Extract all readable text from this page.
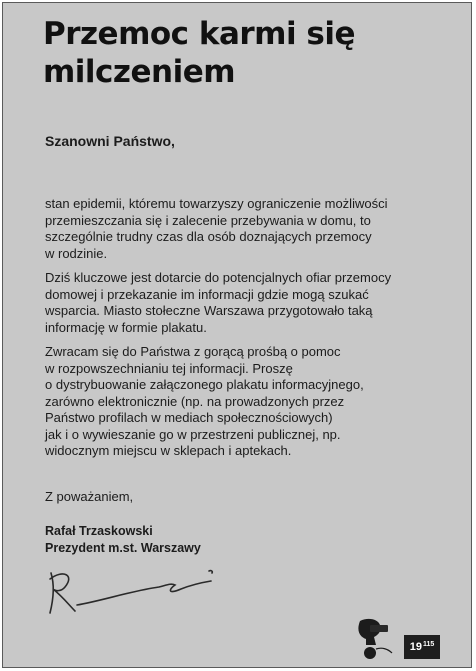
Przemoc karmi się
milczeniem

Szanowni Państwo,

stan epidemii, któremu towarzyszy ograniczenie możliwości
przemieszczania się i zalecenie przebywania w domu, to
szczególnie trudny czas dla osób doznających przemocy
w rodzinie.

Dziś kluczowe jest dotarcie do potencjalnych ofiar przemocy
domowej i przekazanie im informacji gdzie mogą szukać
wsparcia. Miasto stołeczne Warszawa przygotowało taką
informację w formie plakatu.

Zwracam się do Państwa z gorącą prośbą o pomoc
w rozpowszechnianiu tej informacji. Proszę
o dystrybuowanie załączonego plakatu informacyjnego,
zarówno elektronicznie (np. na prowadzonych przez
Państwo profilach w mediach społecznościowych)
jak i o wywieszanie go w przestrzeni publicznej, np.
widocznym miejscu w sklepach i aptekach.

Z poważaniem,

Rafał Trzaskowski
Prezydent m.st. Warszawy

19 115
